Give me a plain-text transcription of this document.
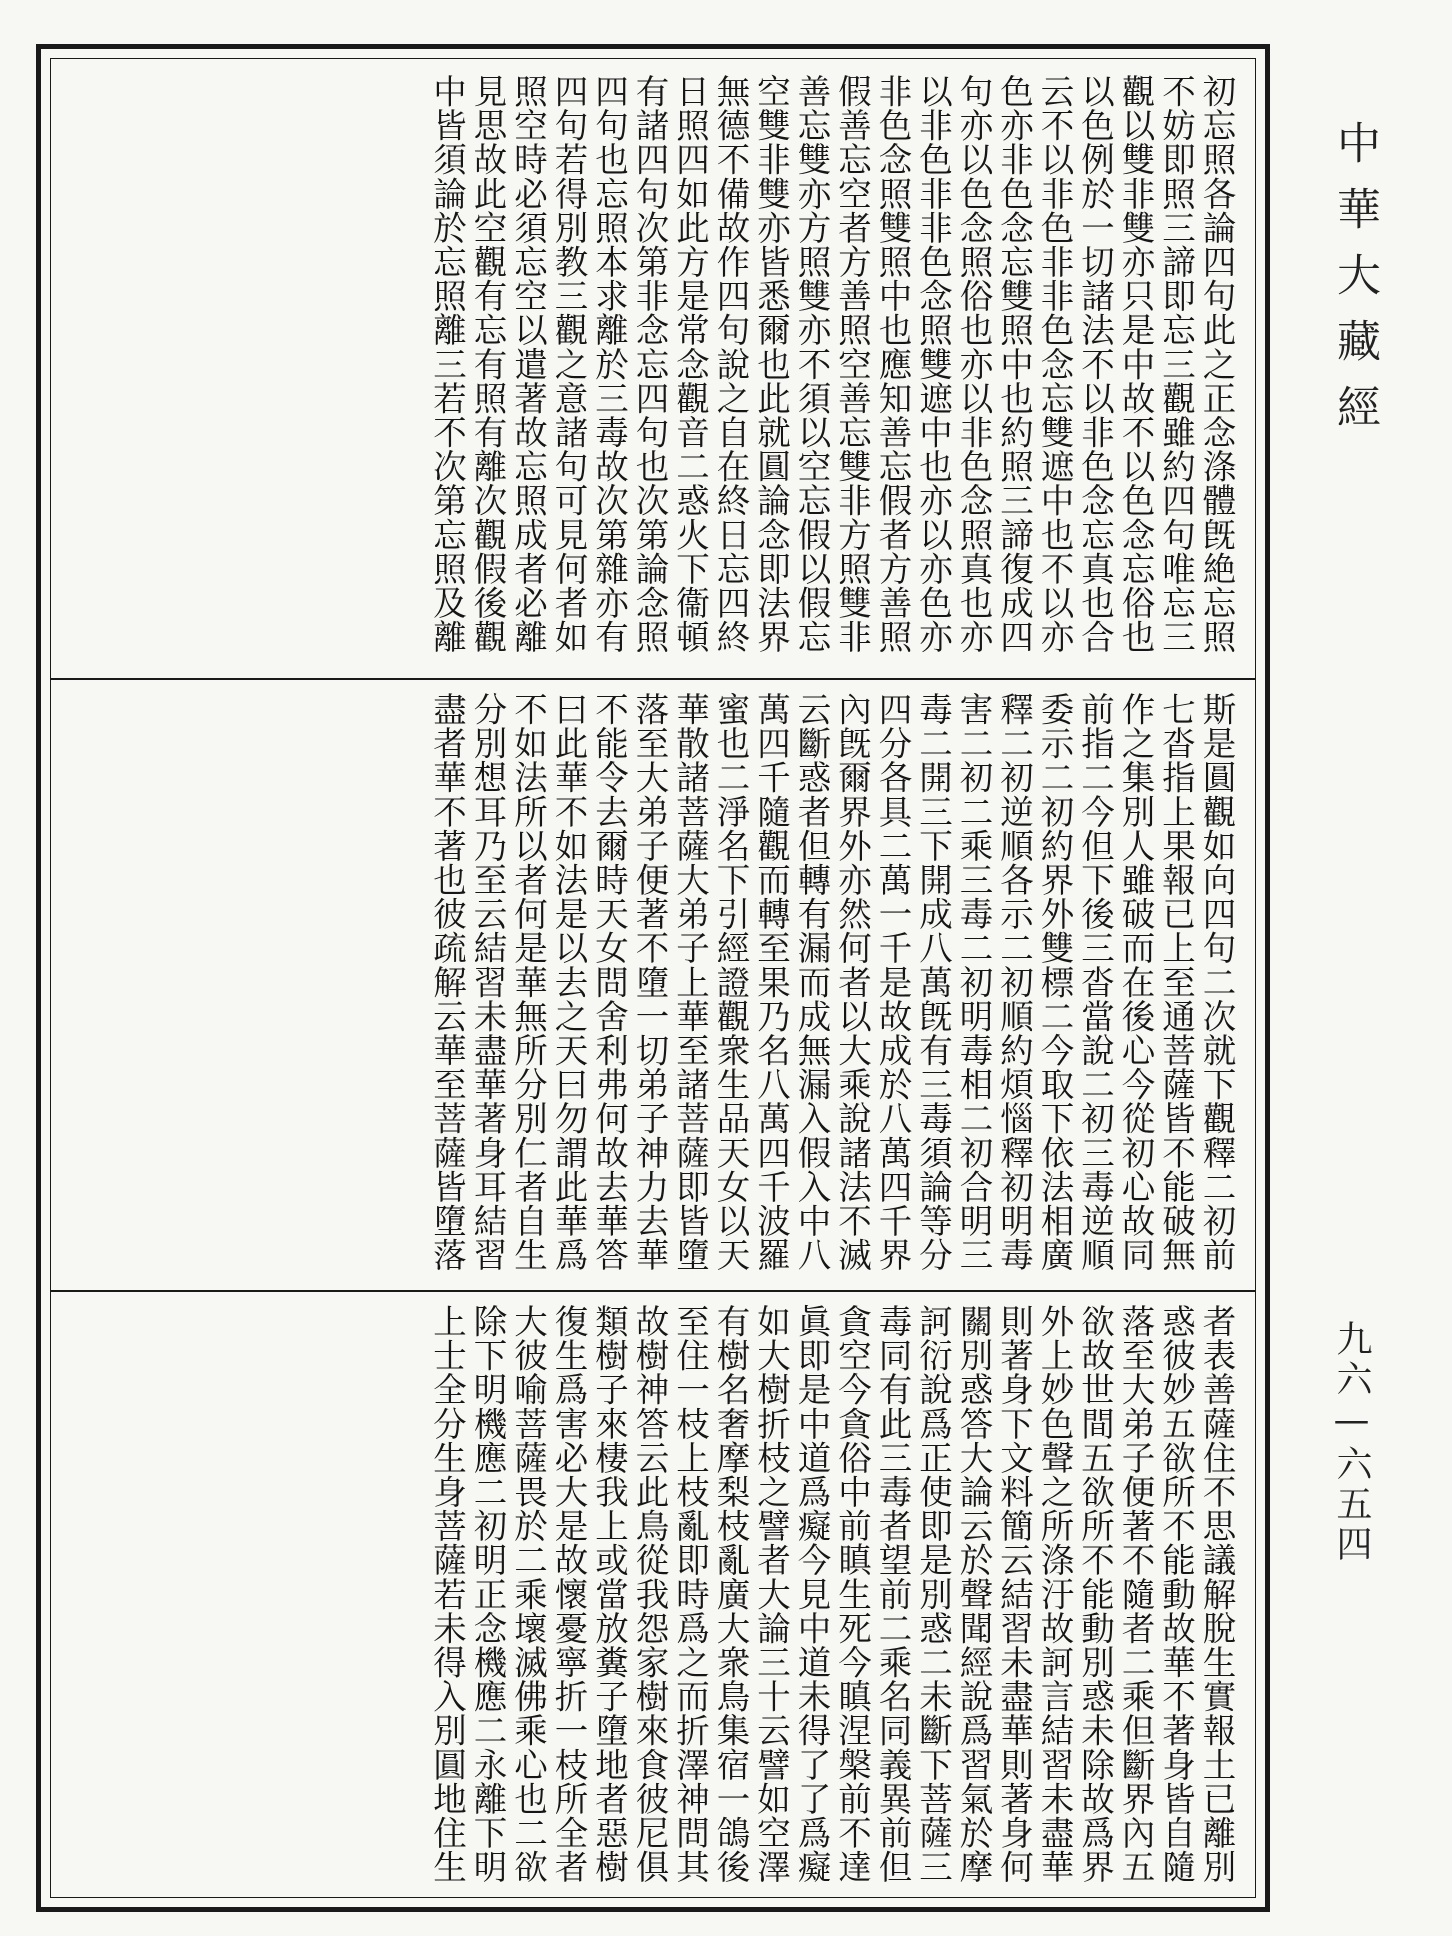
初忘照各論四句此之正念涤體旣絶忘照
不妨即照三諦即忘三觀雖約四句唯忘三
觀以雙非雙亦只是中故不以色念忘俗也
以色例於一切諸法不以非色念忘真也合
云不以非色非非色念忘雙遮中也不以亦
色亦非色念忘雙照中也約照三諦復成四
句亦以色念照俗也亦以非色念照真也亦
以非色非非色念照雙遮中也亦以亦色亦
非色念照雙照中也應知善忘假者方善照
假善忘空者方善照空善忘雙非方照雙非
善忘雙亦方照雙亦不須以空忘假以假忘
空雙非雙亦皆悉爾也此就圓論念即法界
無德不備故作四句說之自在終日忘四終
日照四如此方是常念觀音二惑火下衞頓
有諸四句次第非念忘四句也次第論念照
四句也忘照本求離於三毒故次第雜亦有
四句若得別教三觀之意諸句可見何者如
照空時必須忘空以遣著故忘照成者必離
見思故此空觀有忘有照有離次觀假後觀
中皆須論於忘照離三若不次第忘照及離
斯是圓觀如向四句二次就下觀釋二初前
七沓指上果報已上至通菩薩皆不能破無
作之集別人雖破而在後心今從初心故同
前指二今但下後三沓當說二初三毒逆順
委示二初約界外雙標二今取下依法相廣
釋二初逆順各示二初順約煩惱釋初明毒
害二初二乘三毒二初明毒相二初合明三
毒二開三下開成八萬旣有三毒須論等分
四分各具二萬一千是故成於八萬四千界
內旣爾界外亦然何者以大乘說諸法不滅
云斷惑者但轉有漏而成無漏入假入中八
萬四千隨觀而轉至果乃名八萬四千波羅
蜜也二淨名下引經證觀衆生品天女以天
華散諸菩薩大弟子上華至諸菩薩即皆墮
落至大弟子便著不墮一切弟子神力去華
不能令去爾時天女問舍利弗何故去華答
曰此華不如法是以去之天曰勿謂此華爲
不如法所以者何是華無所分別仁者自生
分別想耳乃至云結習未盡華著身耳結習
盡者華不著也彼疏解云華至菩薩皆墮落
者表善薩住不思議解脫生實報土已離別
惑彼妙五欲所不能動故華不著身皆自隨
落至大弟子便著不隨者二乘但斷界內五
欲故世間五欲所不能動別惑未除故爲界
外上妙色聲之所涤汙故訶言結習未盡華
則著身下文料簡云結習未盡華則著身何
關別惑答大論云於聲聞經說爲習氣於摩
訶衍說爲正使即是別惑二未斷下菩薩三
毒同有此三毒者望前二乘名同義異前但
貪空今貪俗中前瞋生死今瞋涅槃前不達
眞即是中道爲癡今見中道未得了了爲癡
如大樹折枝之譬者大論三十云譬如空澤
有樹名奢摩梨枝亂廣大衆鳥集宿一鴿後
至住一枝上枝亂即時爲之而折澤神問其
故樹神答云此鳥從我怨家樹來食彼尼俱
類樹子來棲我上或當放糞子墮地者惡樹
復生爲害必大是故懷憂寧折一枝所全者
大彼喻菩薩畏於二乘壞滅佛乘心也二欲
除下明機應二初明正念機應二永離下明
上士全分生身菩薩若未得入別圓地住生
中華大藏經
九六—六五四
